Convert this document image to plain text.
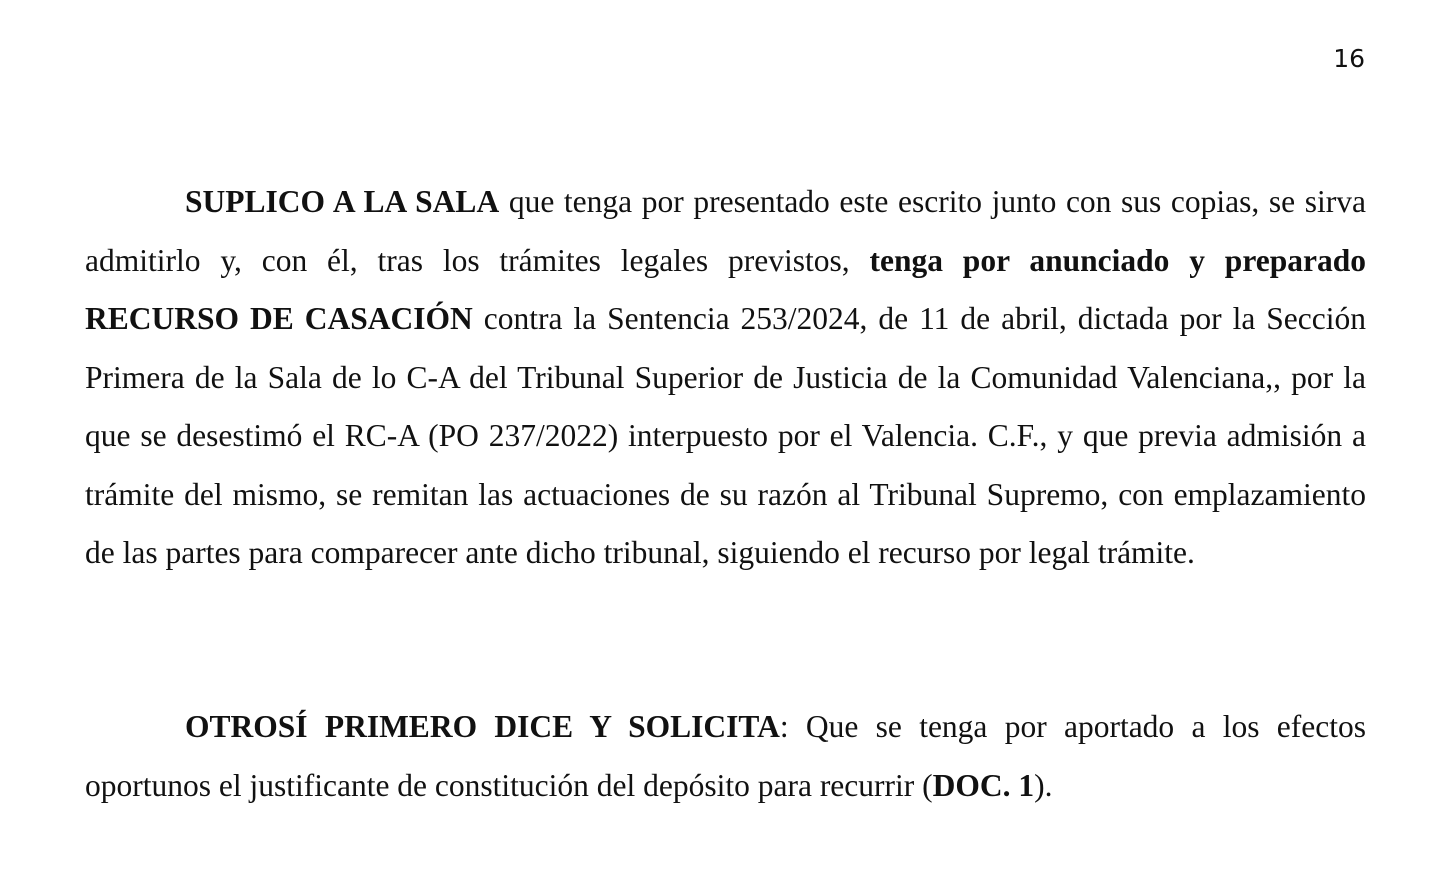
16

SUPLICO A LA SALA que tenga por presentado este escrito junto con sus copias, se sirva admitirlo y, con él, tras los trámites legales previstos, tenga por anunciado y preparado RECURSO DE CASACIÓN contra la Sentencia 253/2024, de 11 de abril, dictada por la Sección Primera de la Sala de lo C-A del Tribunal Superior de Justicia de la Comunidad Valenciana,, por la que se desestimó el RC-A (PO 237/2022) interpuesto por el Valencia. C.F., y que previa admisión a trámite del mismo, se remitan las actuaciones de su razón al Tribunal Supremo, con emplazamiento de las partes para comparecer ante dicho tribunal, siguiendo el recurso por legal trámite.

OTROSÍ PRIMERO DICE Y SOLICITA: Que se tenga por aportado a los efectos oportunos el justificante de constitución del depósito para recurrir (DOC. 1).
